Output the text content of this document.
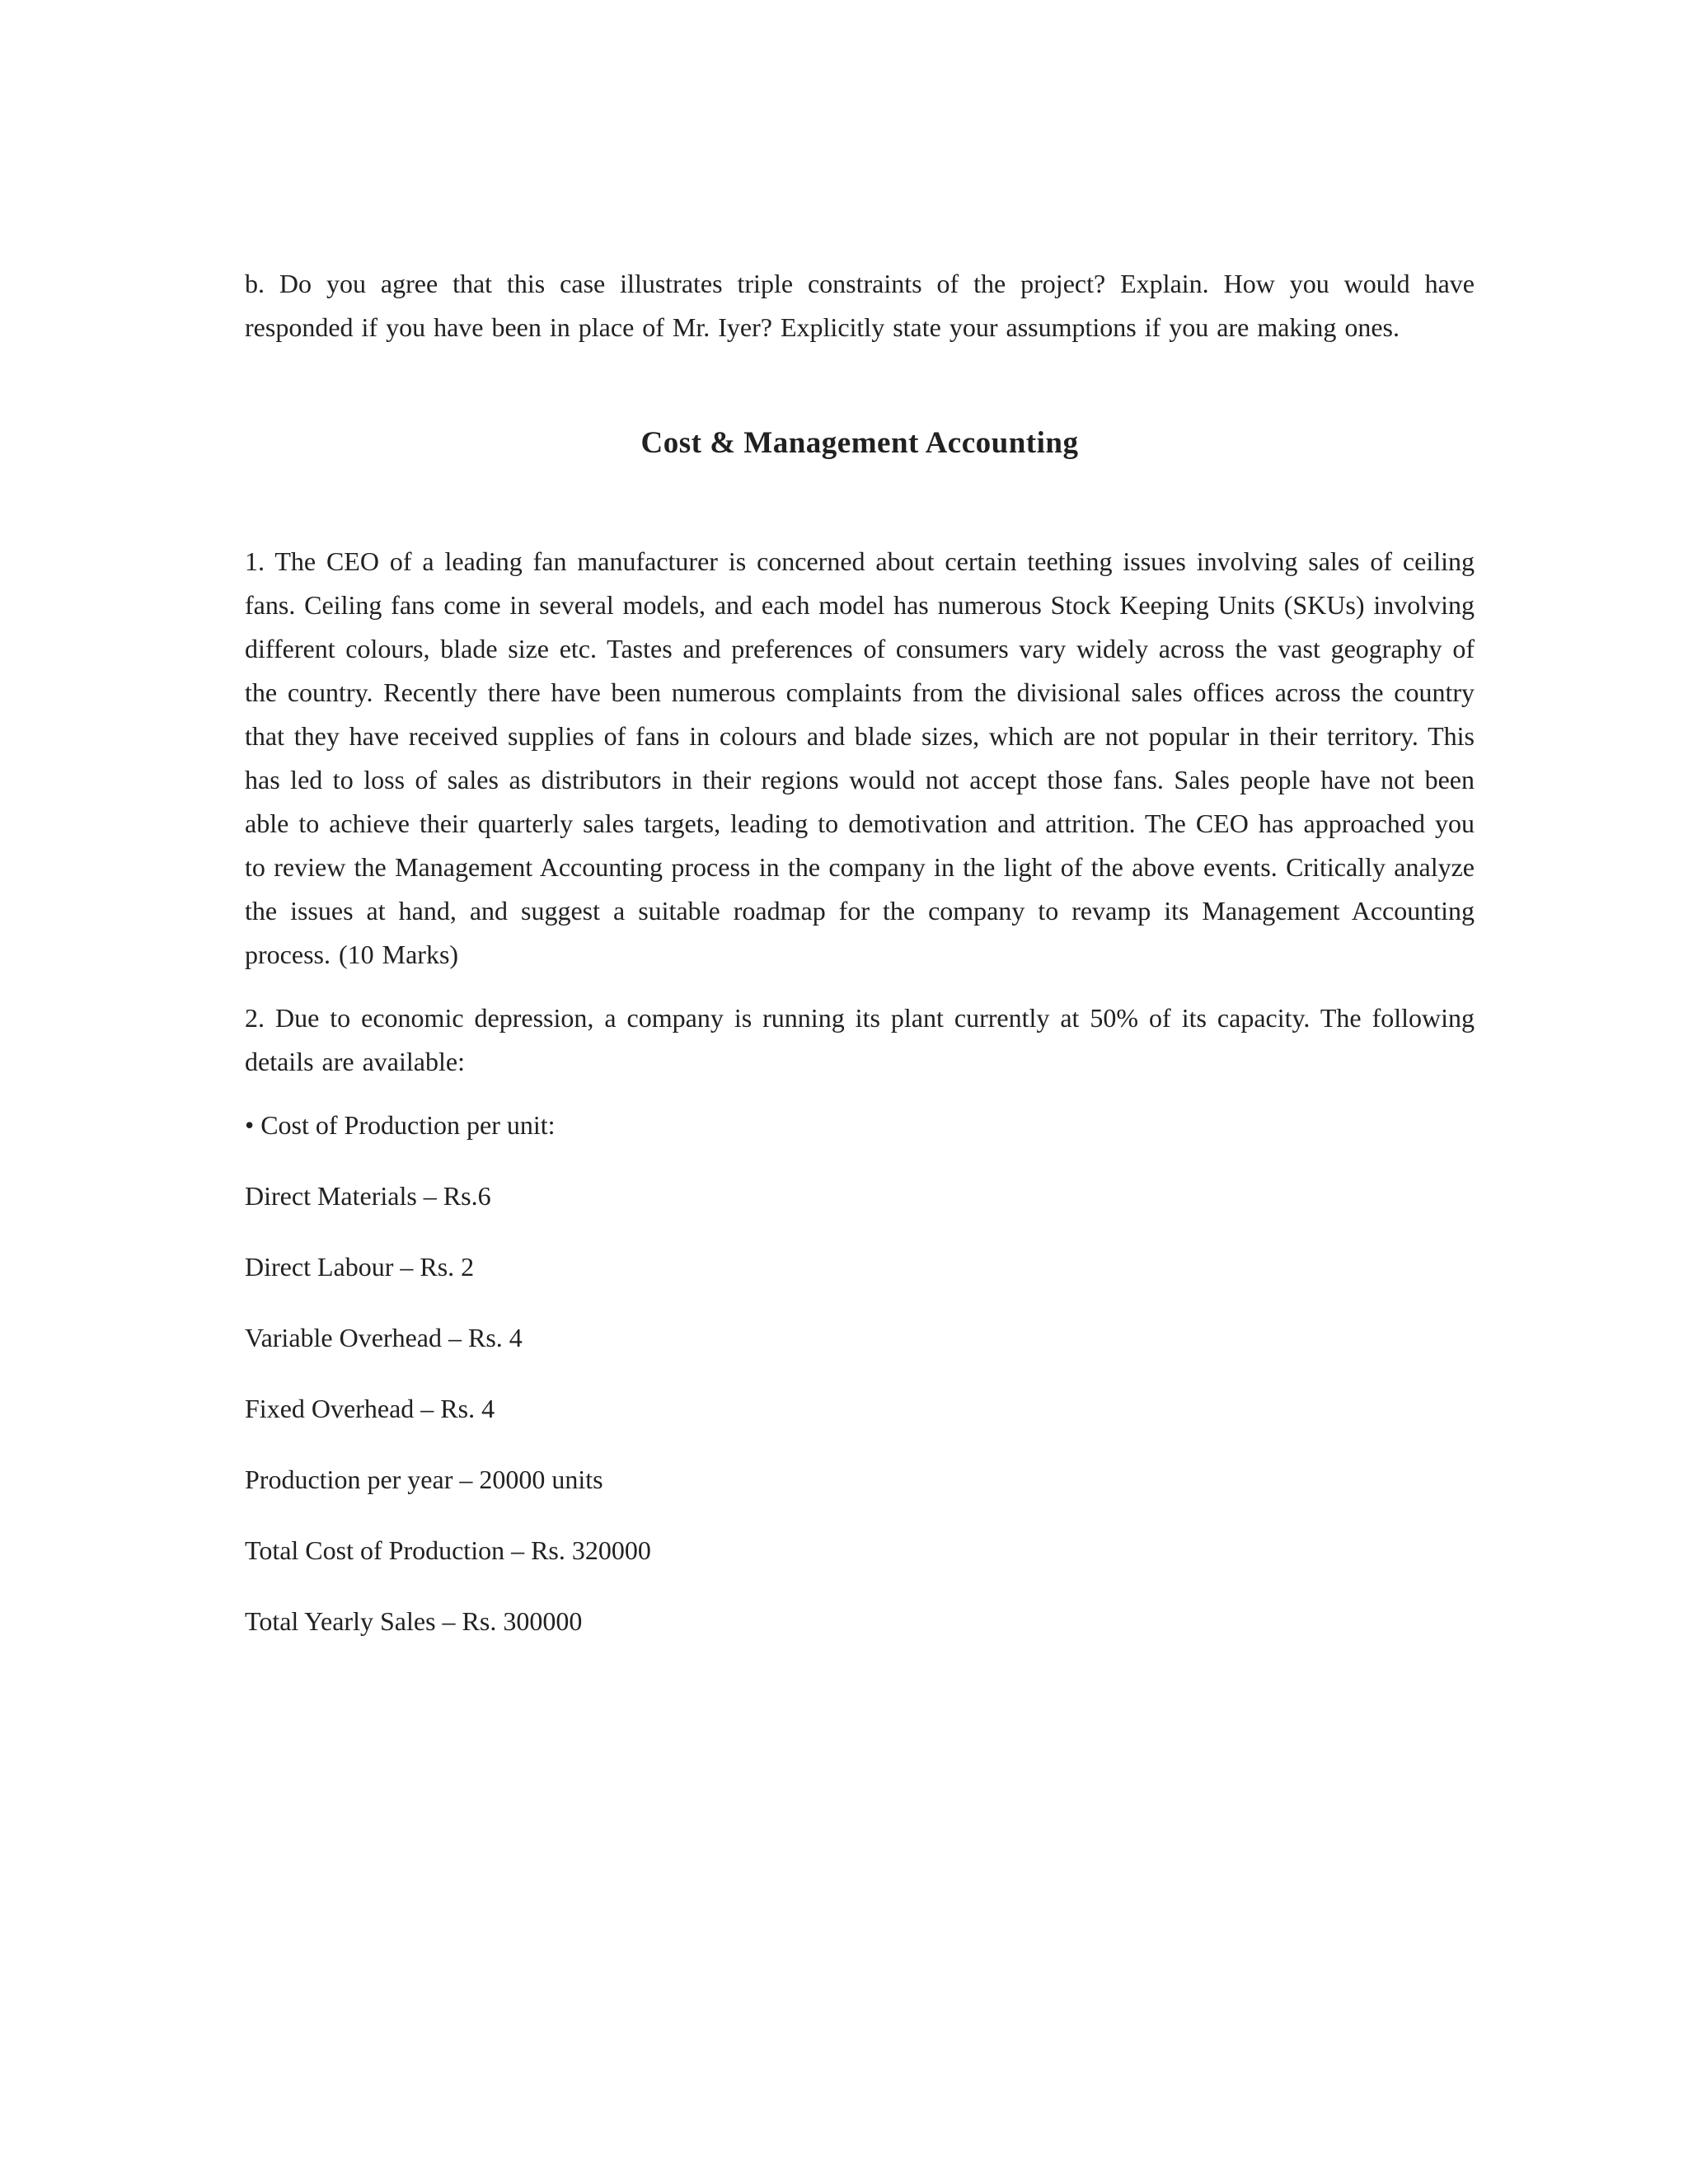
b. Do you agree that this case illustrates triple constraints of the project? Explain. How you would have responded if you have been in place of Mr. Iyer? Explicitly state your assumptions if you are making ones.

Cost & Management Accounting

1. The CEO of a leading fan manufacturer is concerned about certain teething issues involving sales of ceiling fans. Ceiling fans come in several models, and each model has numerous Stock Keeping Units (SKUs) involving different colours, blade size etc. Tastes and preferences of consumers vary widely across the vast geography of the country. Recently there have been numerous complaints from the divisional sales offices across the country that they have received supplies of fans in colours and blade sizes, which are not popular in their territory. This has led to loss of sales as distributors in their regions would not accept those fans. Sales people have not been able to achieve their quarterly sales targets, leading to demotivation and attrition. The CEO has approached you to review the Management Accounting process in the company in the light of the above events. Critically analyze the issues at hand, and suggest a suitable roadmap for the company to revamp its Management Accounting process. (10 Marks)

2. Due to economic depression, a company is running its plant currently at 50% of its capacity. The following details are available:

• Cost of Production per unit:

Direct Materials – Rs.6

Direct Labour – Rs. 2

Variable Overhead – Rs. 4

Fixed Overhead – Rs. 4

Production per year – 20000 units

Total Cost of Production – Rs. 320000

Total Yearly Sales – Rs. 300000
